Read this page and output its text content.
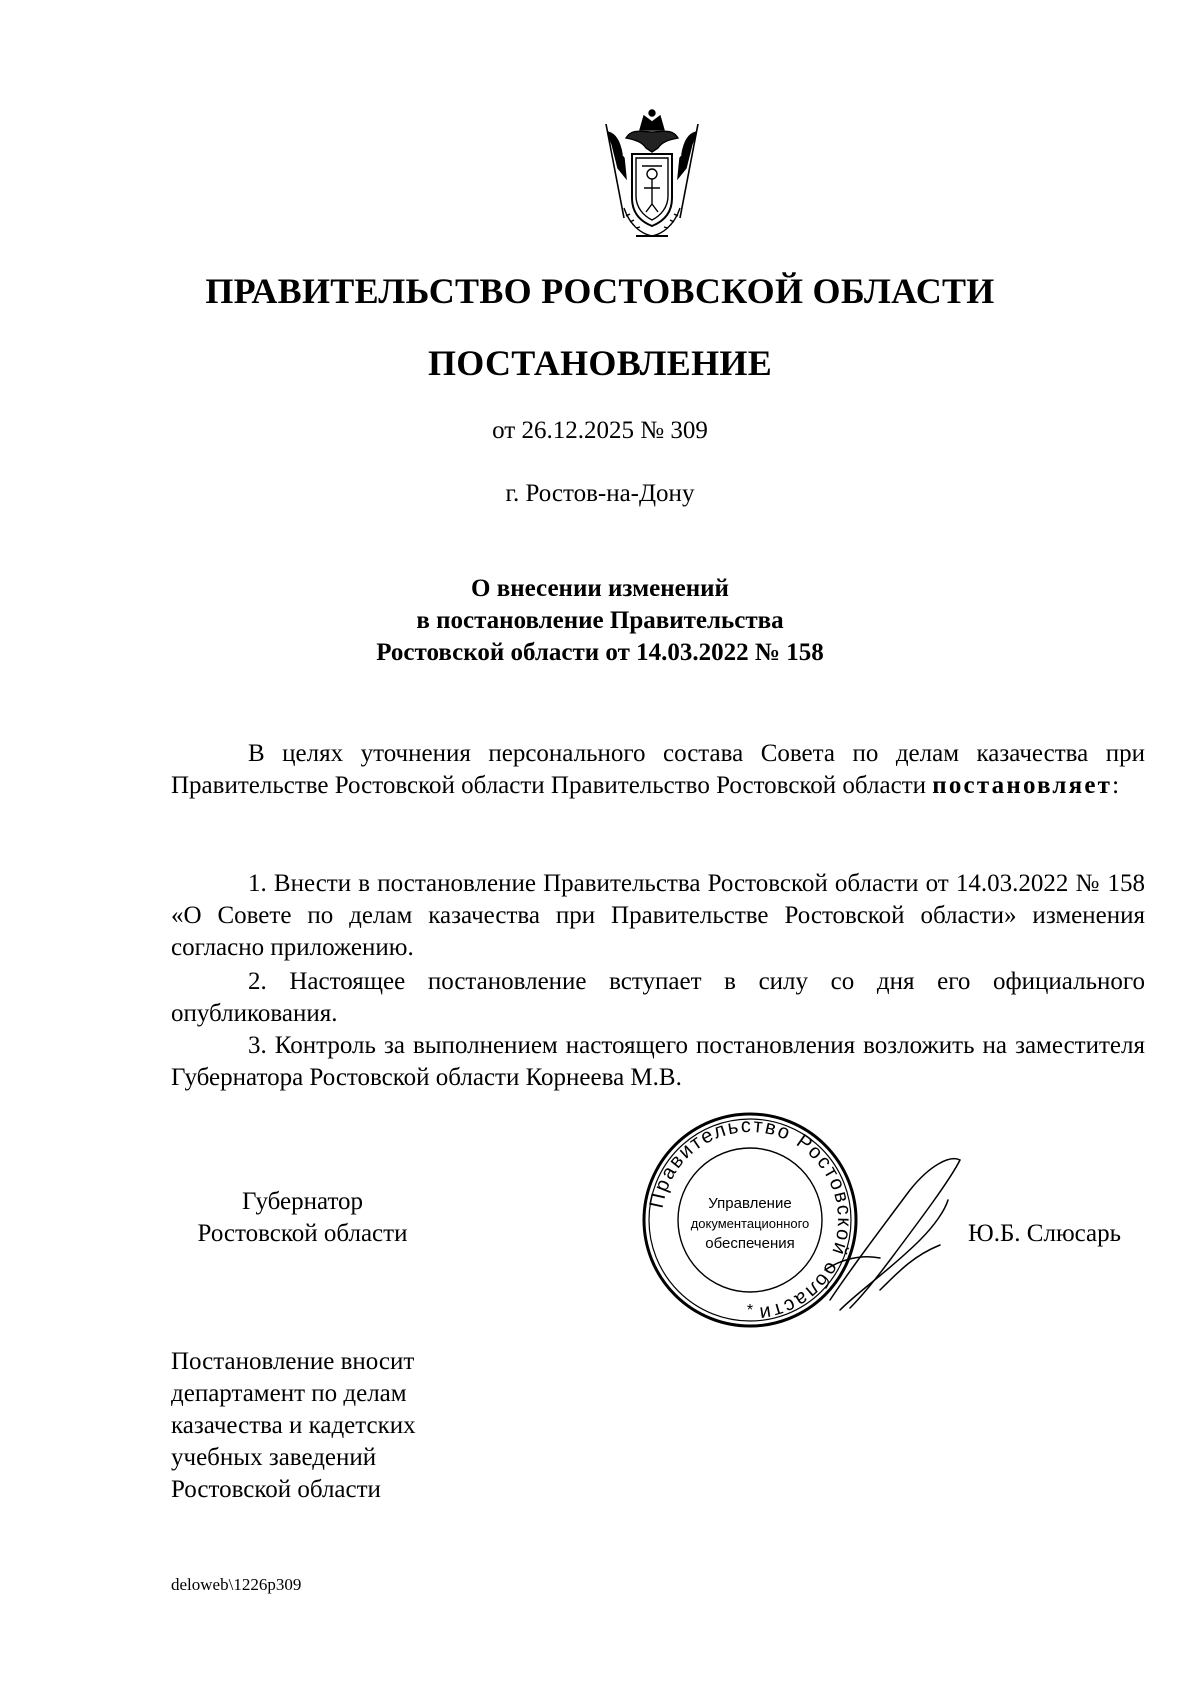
ПРАВИТЕЛЬСТВО РОСТОВСКОЙ ОБЛАСТИ
ПОСТАНОВЛЕНИЕ
от 26.12.2025 № 309
г. Ростов-на-Дону
О внесении изменений
в постановление Правительства
Ростовской области от 14.03.2022 № 158
В целях уточнения персонального состава Совета по делам казачества при Правительстве Ростовской области Правительство Ростовской области постановляет:
1. Внести в постановление Правительства Ростовской области от 14.03.2022 № 158 «О Совете по делам казачества при Правительстве Ростовской области» изменения согласно приложению.
2. Настоящее постановление вступает в силу со дня его официального опубликования.
3. Контроль за выполнением настоящего постановления возложить на заместителя Губернатора Ростовской области Корнеева М.В.
Губернатор
Ростовской области
Правительство Ростовской области
Управление
документационного
обеспечения
*
Ю.Б. Слюсарь
Постановление вносит
департамент по делам
казачества и кадетских
учебных заведений
Ростовской области
deloweb\1226p309
